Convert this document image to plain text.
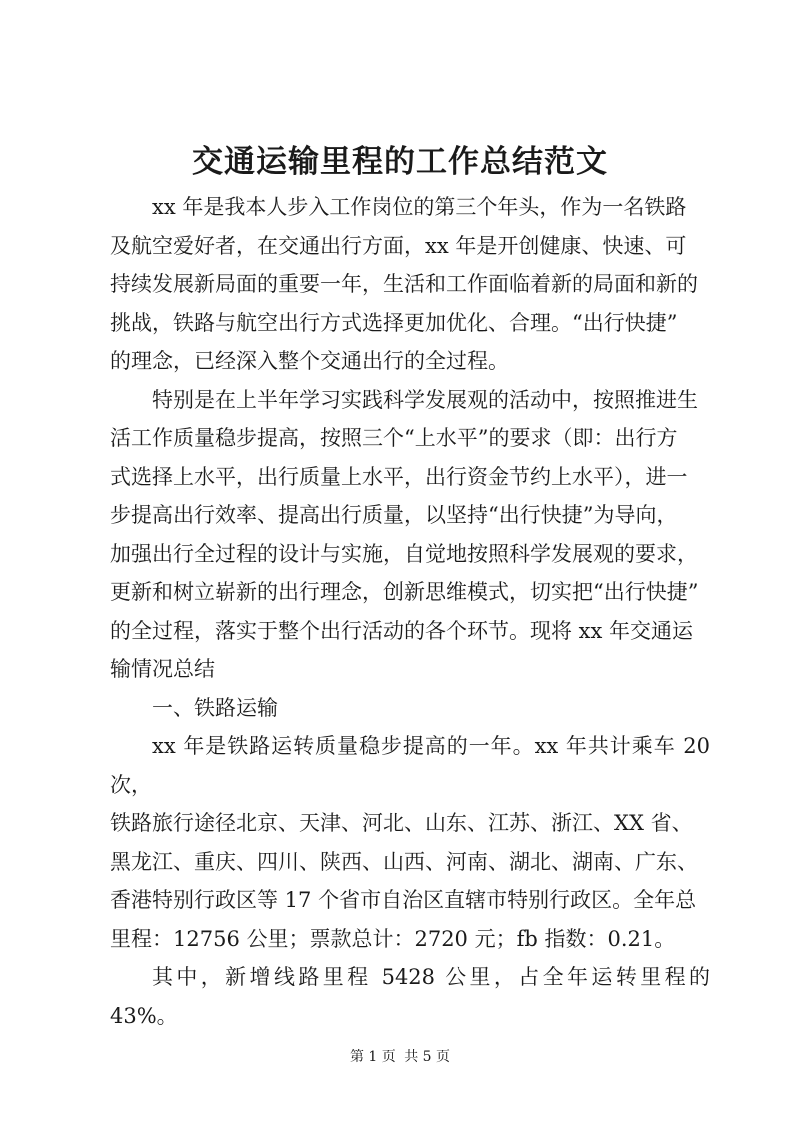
交通运输里程的工作总结范文

xx 年是我本人步入工作岗位的第三个年头，作为一名铁路
及航空爱好者，在交通出行方面，xx 年是开创健康、快速、可
持续发展新局面的重要一年，生活和工作面临着新的局面和新的
挑战，铁路与航空出行方式选择更加优化、合理。“出行快捷”
的理念，已经深入整个交通出行的全过程。

特别是在上半年学习实践科学发展观的活动中，按照推进生
活工作质量稳步提高，按照三个“上水平”的要求（即：出行方
式选择上水平，出行质量上水平，出行资金节约上水平），进一
步提高出行效率、提高出行质量，以坚持“出行快捷”为导向，
加强出行全过程的设计与实施，自觉地按照科学发展观的要求，
更新和树立崭新的出行理念，创新思维模式，切实把“出行快捷”
的全过程，落实于整个出行活动的各个环节。现将 xx 年交通运
输情况总结

一、铁路运输

xx 年是铁路运转质量稳步提高的一年。xx 年共计乘车 20 次，
铁路旅行途径北京、天津、河北、山东、江苏、浙江、XX 省、
黑龙江、重庆、四川、陕西、山西、河南、湖北、湖南、广东、
香港特别行政区等 17 个省市自治区直辖市特别行政区。全年总
里程：12756 公里；票款总计：2720 元；fb 指数：0.21。

其中，新增线路里程 5428 公里，占全年运转里程的 43%。

第 1 页 共 5 页
